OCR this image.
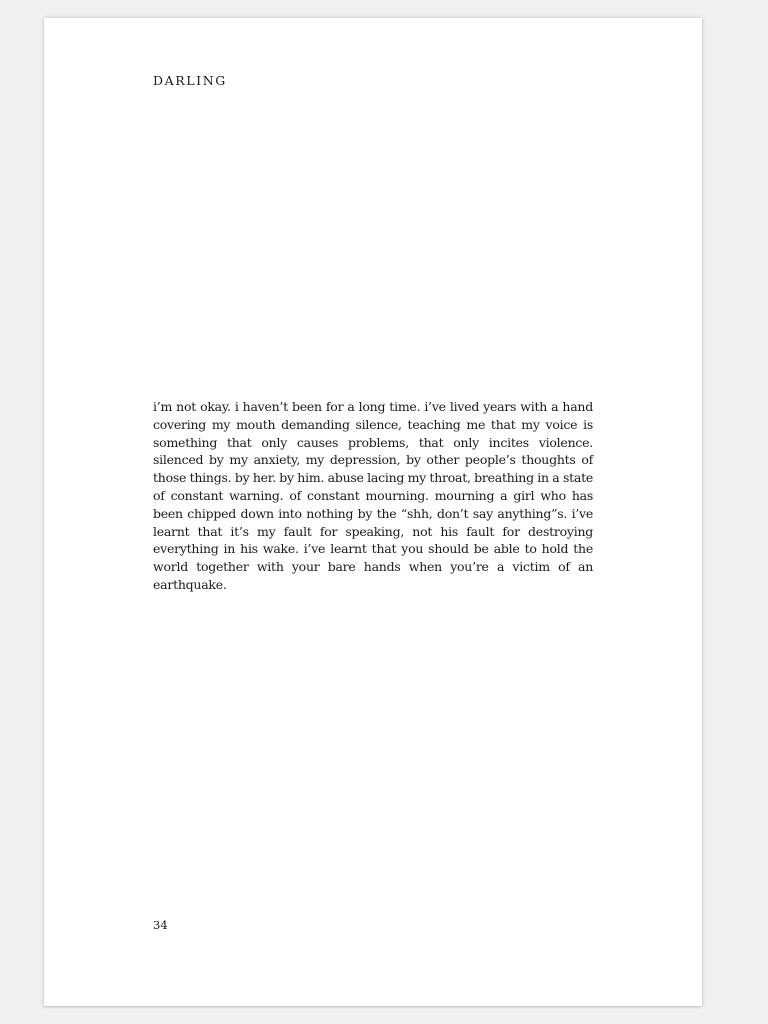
DARLING
i’m not okay. i haven’t been for a long time. i’ve lived years with a hand covering my mouth demanding silence, teaching me that my voice is something that only causes problems, that only incites violence. silenced by my anxiety, my depression, by other people’s thoughts of those things. by her. by him. abuse lacing my throat, breathing in a state of constant warning. of constant mourning. mourning a girl who has been chipped down into nothing by the “shh, don’t say anything”s. i’ve learnt that it’s my fault for speaking, not his fault for destroying everything in his wake. i’ve learnt that you should be able to hold the world together with your bare hands when you’re a victim of an earthquake.
34
